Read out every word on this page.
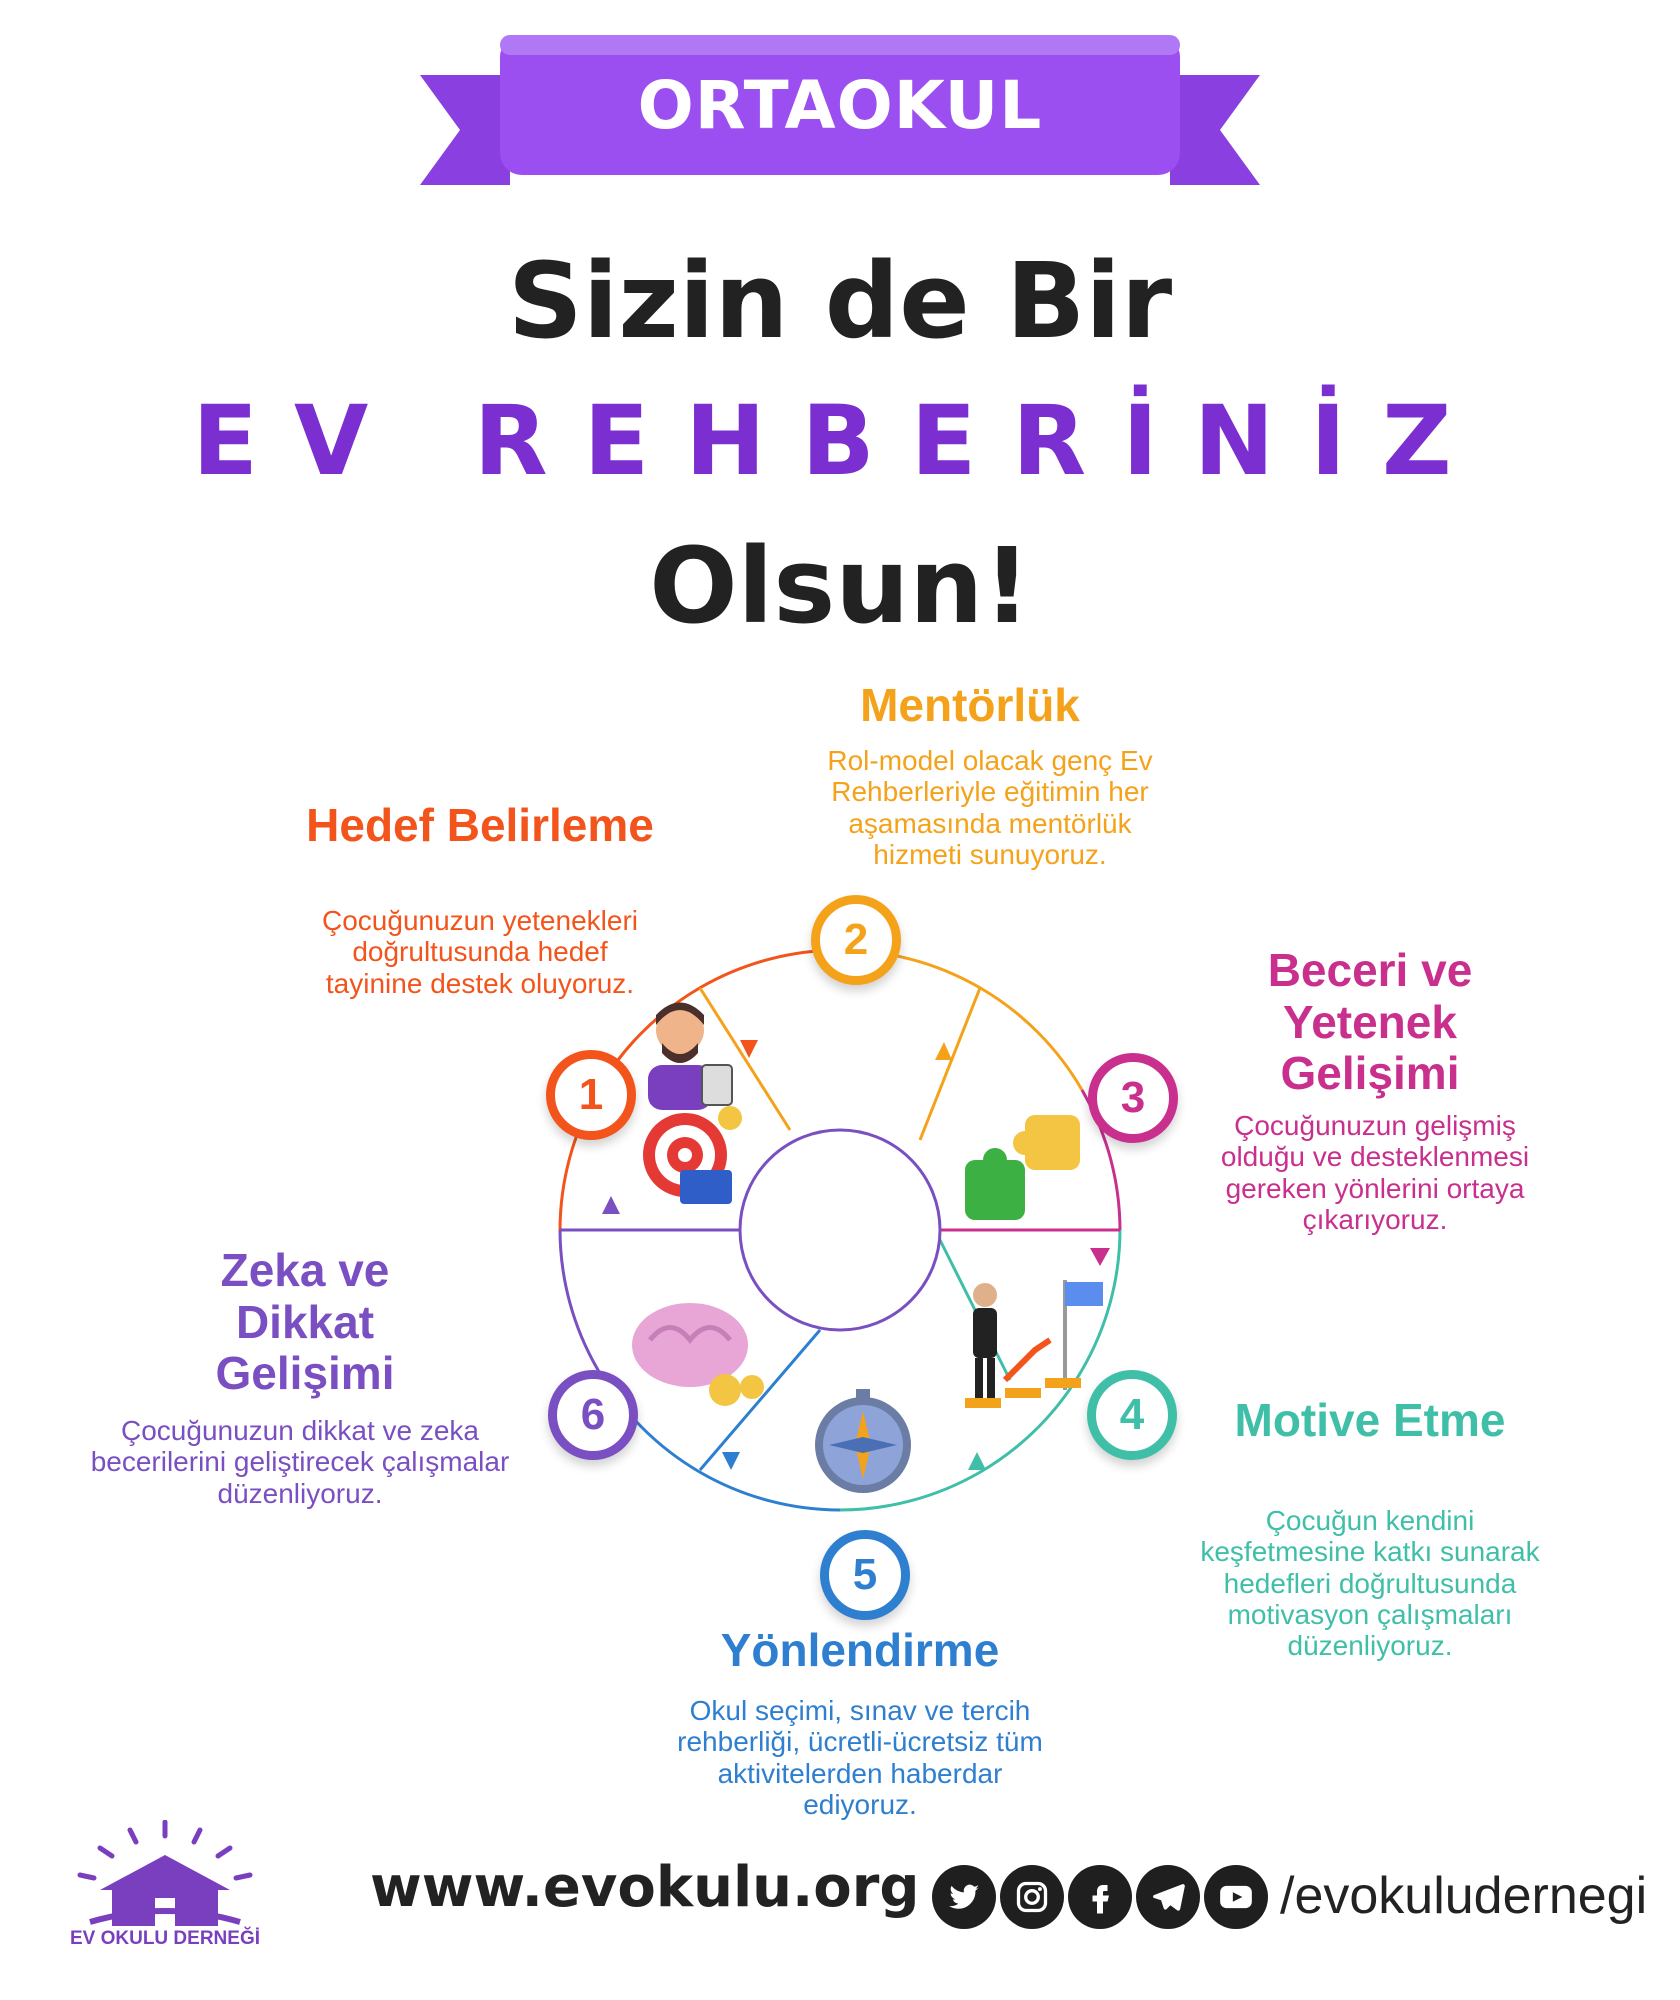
ORTAOKUL
Sizin de Bir
EV REHBERİNİZ
Olsun!
1
2
3
4
5
6
Hedef Belirleme
Çocuğunuzun yetenekleri doğrultusunda hedef tayinine destek oluyoruz.
Mentörlük
Rol-model olacak genç Ev Rehberleriyle eğitimin her aşamasında mentörlük hizmeti sunuyoruz.
Beceri ve Yetenek Gelişimi
Çocuğunuzun gelişmiş olduğu ve desteklenmesi gereken yönlerini ortaya çıkarıyoruz.
Motive Etme
Çocuğun kendini keşfetmesine katkı sunarak hedefleri doğrultusunda motivasyon çalışmaları düzenliyoruz.
Yönlendirme
Okul seçimi, sınav ve tercih rehberliği, ücretli-ücretsiz tüm aktivitelerden haberdar ediyoruz.
Zeka ve Dikkat Gelişimi
Çocuğunuzun dikkat ve zeka becerilerini geliştirecek çalışmalar düzenliyoruz.
EV OKULU DERNEĞİ
www.evokulu.org	/evokuludernegi
